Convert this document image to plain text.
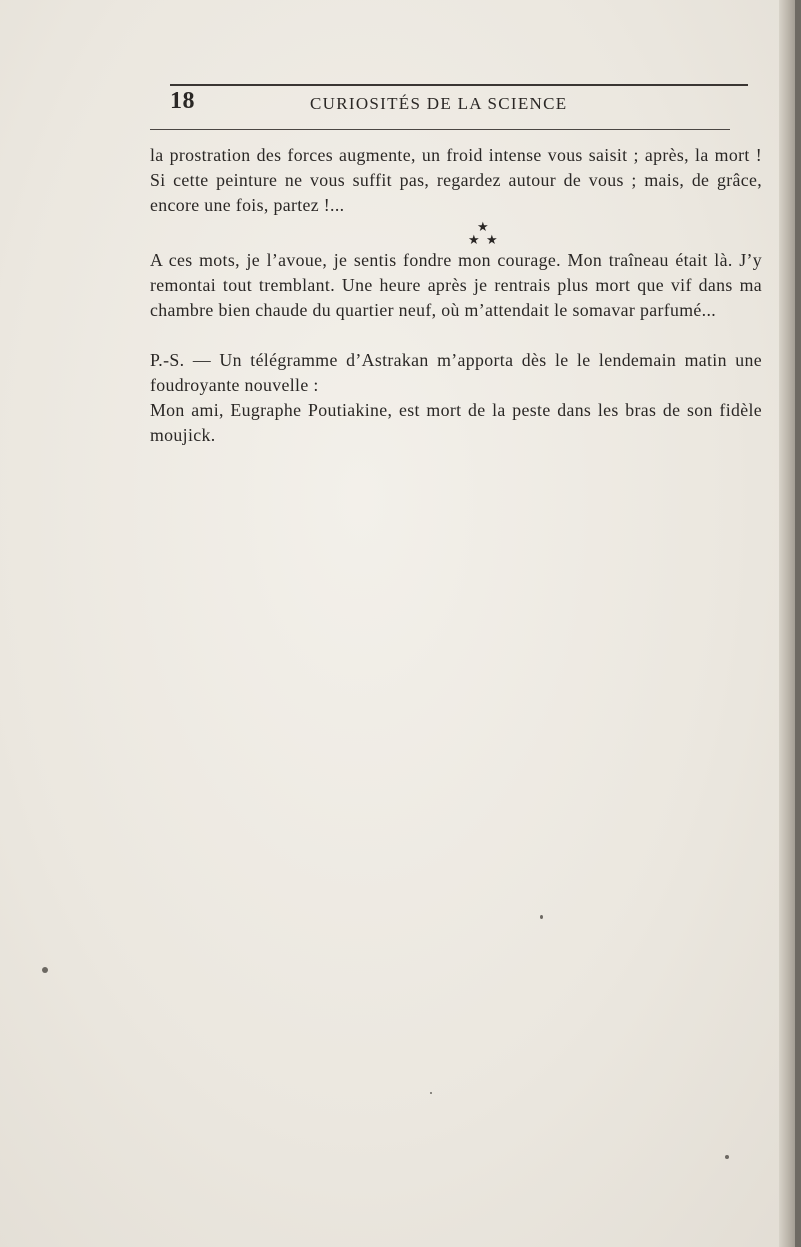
18	CURIOSITÉS DE LA SCIENCE

la prostration des forces augmente, un froid intense vous saisit ; après, la mort ! Si cette peinture ne vous suffit pas, regardez autour de vous ; mais, de grâce, encore une fois, partez !...

★
★ ★

A ces mots, je l’avoue, je sentis fondre mon courage. Mon traîneau était là. J’y remontai tout tremblant. Une heure après je rentrais plus mort que vif dans ma chambre bien chaude du quartier neuf, où m’attendait le somavar parfumé...

P.-S. — Un télégramme d’Astrakan m’apporta dès le le lendemain matin une foudroyante nouvelle :

Mon ami, Eugraphe Poutiakine, est mort de la peste dans les bras de son fidèle moujick.
